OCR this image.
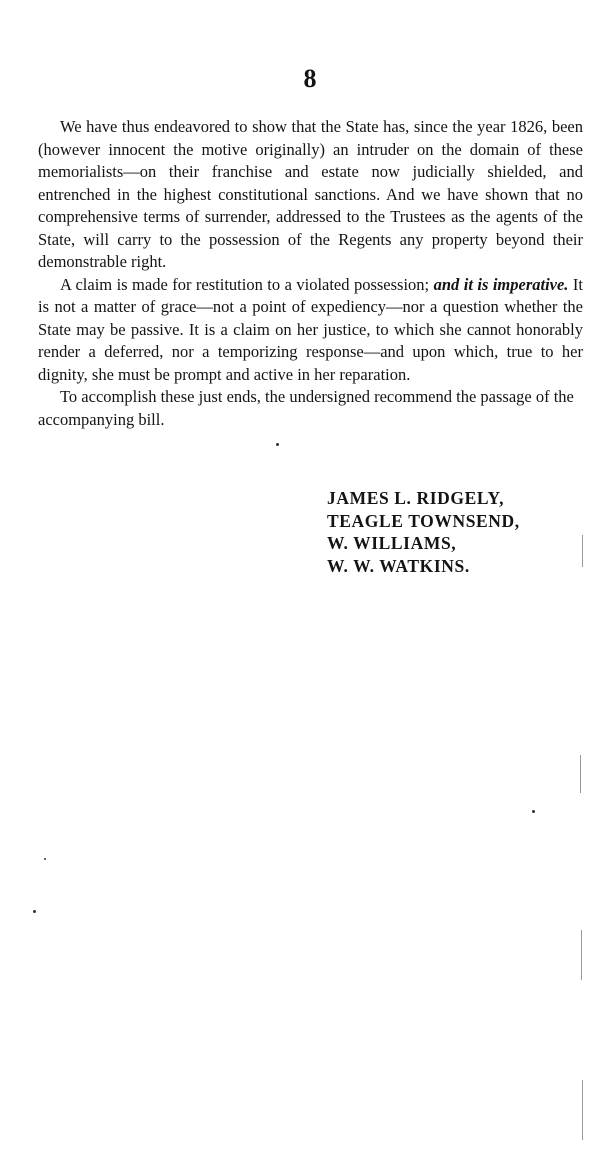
8

We have thus endeavored to show that the State has, since the year 1826, been (however innocent the motive originally) an intruder on the domain of these memorialists—on their franchise and estate now judicially shielded, and entrenched in the highest constitutional sanctions. And we have shown that no comprehensive terms of surrender, addressed to the Trustees as the agents of the State, will carry to the possession of the Regents any property beyond their demonstrable right.

A claim is made for restitution to a violated possession; and it is imperative. It is not a matter of grace—not a point of expediency—nor a question whether the State may be passive. It is a claim on her justice, to which she cannot honorably render a deferred, nor a temporizing response—and upon which, true to her dignity, she must be prompt and active in her reparation.

To accomplish these just ends, the undersigned recommend the passage of the accompanying bill.

JAMES L. RIDGELY,
TEAGLE TOWNSEND,
W. WILLIAMS,
W. W. WATKINS.
